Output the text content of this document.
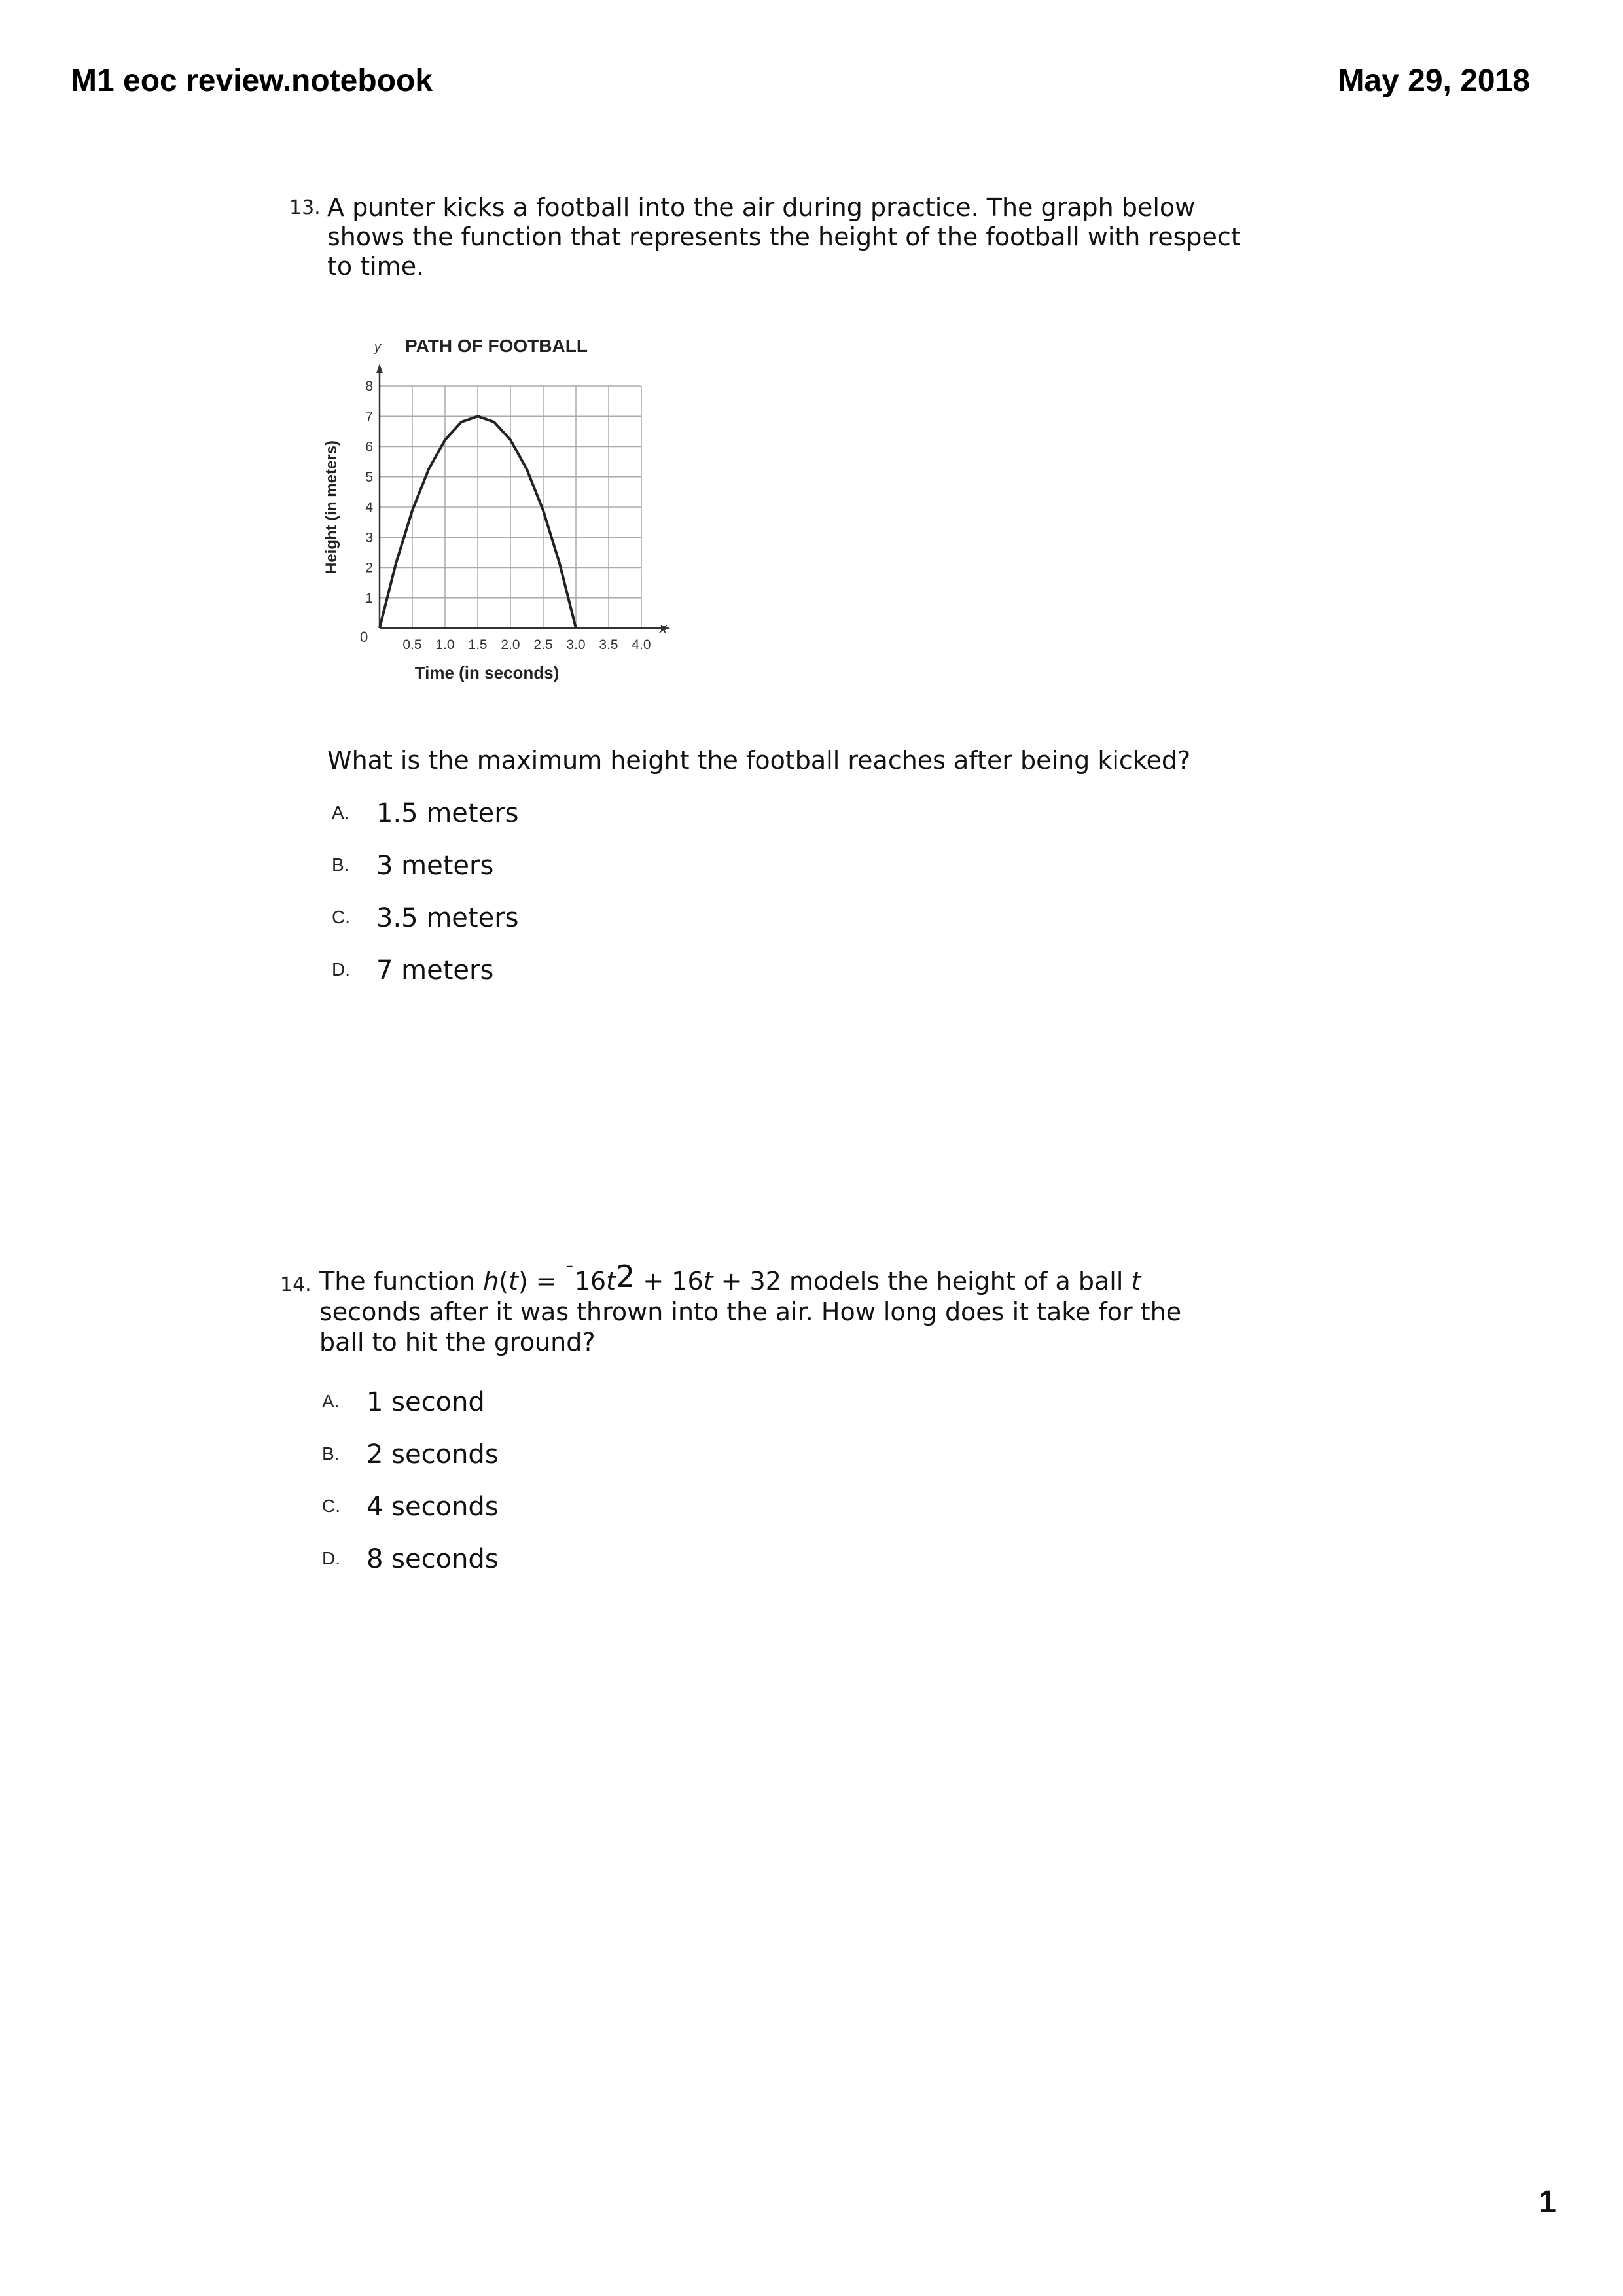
M1 eoc review.notebook	May 29, 2018
13. A punter kicks a football into the air during practice. The graph below
shows the function that represents the height of the football with respect
to time.
y PATH OF FOOTBALL
0.5 1.0 1.5 2.0 2.5 3.0 3.5 4.0
1
2
3
4
5
6
7
8
0
x
Time (in seconds)
Height (in meters)
What is the maximum height the football reaches after being kicked?
A. 1.5 meters
B. 3 meters
C. 3.5 meters
D. 7 meters
14. The function $h(t) = ^¯16t^2 + 16t + 32$ models the height of a ball t
seconds after it was thrown into the air. How long does it take for the
ball to hit the ground?
A. 1 second
B. 2 seconds
C. 4 seconds
D. 8 seconds
1
